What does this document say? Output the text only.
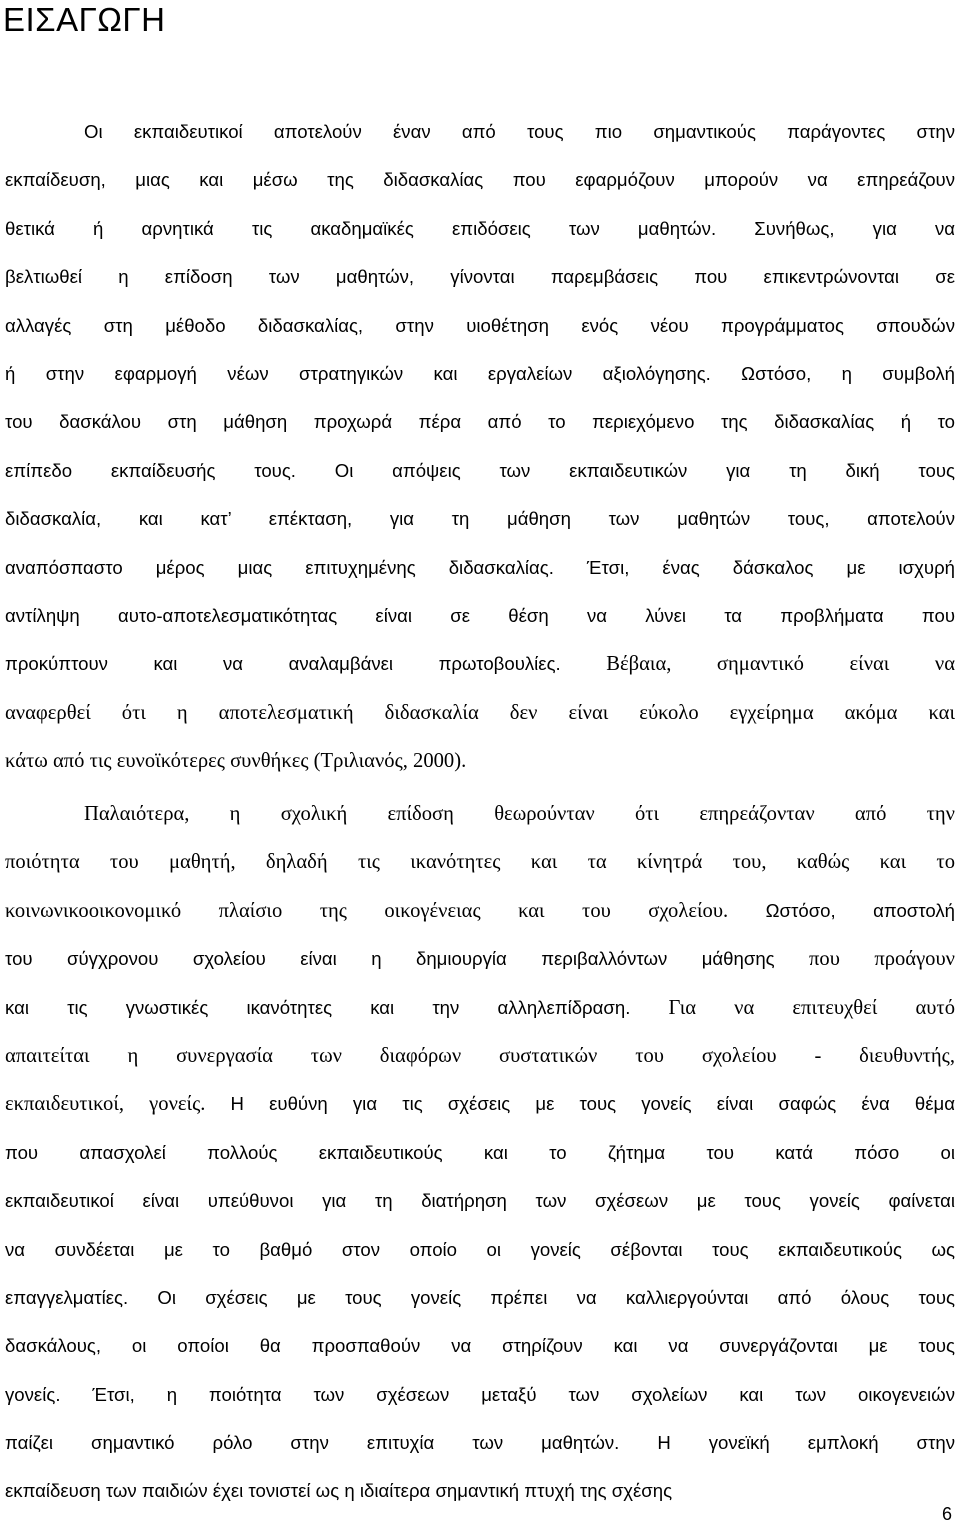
ΕΙΣΑΓΩΓΗ
Οι εκπαιδευτικοί αποτελούν έναν από τους πιο σημαντικούς παράγοντες στην
εκπαίδευση, μιας και μέσω της διδασκαλίας που εφαρμόζουν μπορούν να επηρεάζουν
θετικά ή αρνητικά τις ακαδημαϊκές επιδόσεις των μαθητών. Συνήθως, για να
βελτιωθεί η επίδοση των μαθητών, γίνονται παρεμβάσεις που επικεντρώνονται σε
αλλαγές στη μέθοδο διδασκαλίας, στην υιοθέτηση ενός νέου προγράμματος σπουδών
ή στην εφαρμογή νέων στρατηγικών και εργαλείων αξιολόγησης. Ωστόσο, η συμβολή
του δασκάλου στη μάθηση προχωρά πέρα από το περιεχόμενο της διδασκαλίας ή το
επίπεδο εκπαίδευσής τους. Οι απόψεις των εκπαιδευτικών για τη δική τους
διδασκαλία, και κατ’ επέκταση, για τη μάθηση των μαθητών τους, αποτελούν
αναπόσπαστο μέρος μιας επιτυχημένης διδασκαλίας. Έτσι, ένας δάσκαλος με ισχυρή
αντίληψη αυτο-αποτελεσματικότητας είναι σε θέση να λύνει τα προβλήματα που
προκύπτουν και να αναλαμβάνει πρωτοβουλίες. Βέβαια, σημαντικό είναι να
αναφερθεί ότι η αποτελεσματική διδασκαλία δεν είναι εύκολο εγχείρημα ακόμα και
κάτω από τις ευνοϊκότερες συνθήκες (Τριλιανός, 2000).
Παλαιότερα, η σχολική επίδοση θεωρούνταν ότι επηρεάζονταν από την
ποιότητα του μαθητή, δηλαδή τις ικανότητες και τα κίνητρά του, καθώς και το
κοινωνικοοικονομικό πλαίσιο της οικογένειας και του σχολείου. Ωστόσο, αποστολή
του σύγχρονου σχολείου είναι η δημιουργία περιβαλλόντων μάθησης που προάγουν
και τις γνωστικές ικανότητες και την αλληλεπίδραση. Για να επιτευχθεί αυτό
απαιτείται η συνεργασία των διαφόρων συστατικών του σχολείου - διευθυντής,
εκπαιδευτικοί, γονείς. Η ευθύνη για τις σχέσεις με τους γονείς είναι σαφώς ένα θέμα
που απασχολεί πολλούς εκπαιδευτικούς και το ζήτημα του κατά πόσο οι
εκπαιδευτικοί είναι υπεύθυνοι για τη διατήρηση των σχέσεων με τους γονείς φαίνεται
να συνδέεται με το βαθμό στον οποίο οι γονείς σέβονται τους εκπαιδευτικούς ως
επαγγελματίες. Οι σχέσεις με τους γονείς πρέπει να καλλιεργούνται από όλους τους
δασκάλους, οι οποίοι θα προσπαθούν να στηρίζουν και να συνεργάζονται με τους
γονείς. Έτσι, η ποιότητα των σχέσεων μεταξύ των σχολείων και των οικογενειών
παίζει σημαντικό ρόλο στην επιτυχία των μαθητών. Η γονεϊκή εμπλοκή στην
εκπαίδευση των παιδιών έχει τονιστεί ως η ιδιαίτερα σημαντική πτυχή της σχέσης
6
